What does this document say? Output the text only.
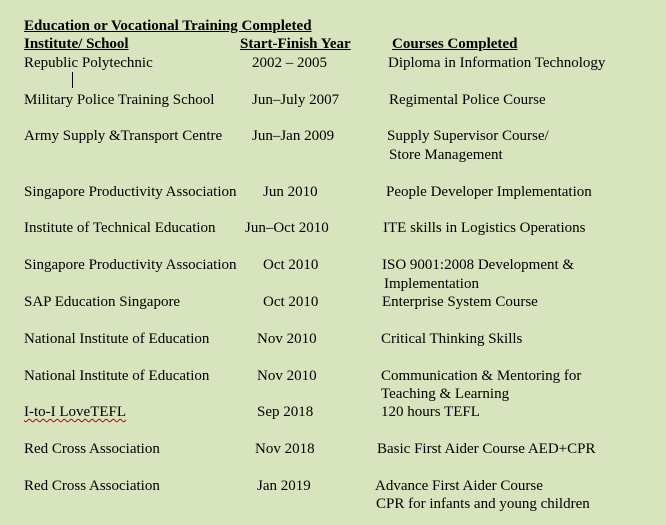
Education or Vocational Training Completed
Institute/ School	Start-Finish Year	Courses Completed
Republic Polytechnic	2002 – 2005	Diploma in Information Technology
Military Police Training School	Jun–July 2007	Regimental Police Course
Army Supply &Transport Centre Jun–Jan 2009	Supply Supervisor Course/
Store Management
Singapore Productivity Association Jun 2010	People Developer Implementation
Institute of Technical Education Jun–Oct 2010	ITE skills in Logistics Operations
Singapore Productivity Association Oct 2010	ISO 9001:2008 Development &
Implementation
SAP Education Singapore	Oct 2010	Enterprise System Course
National Institute of Education	Nov 2010	Critical Thinking Skills
National Institute of Education	Nov 2010	Communication & Mentoring for
Teaching & Learning
I-to-I LoveTEFL	Sep 2018	120 hours TEFL
Red Cross Association	Nov 2018	Basic First Aider Course AED+CPR
Red Cross Association	Jan 2019	Advance First Aider Course
CPR for infants and young children
